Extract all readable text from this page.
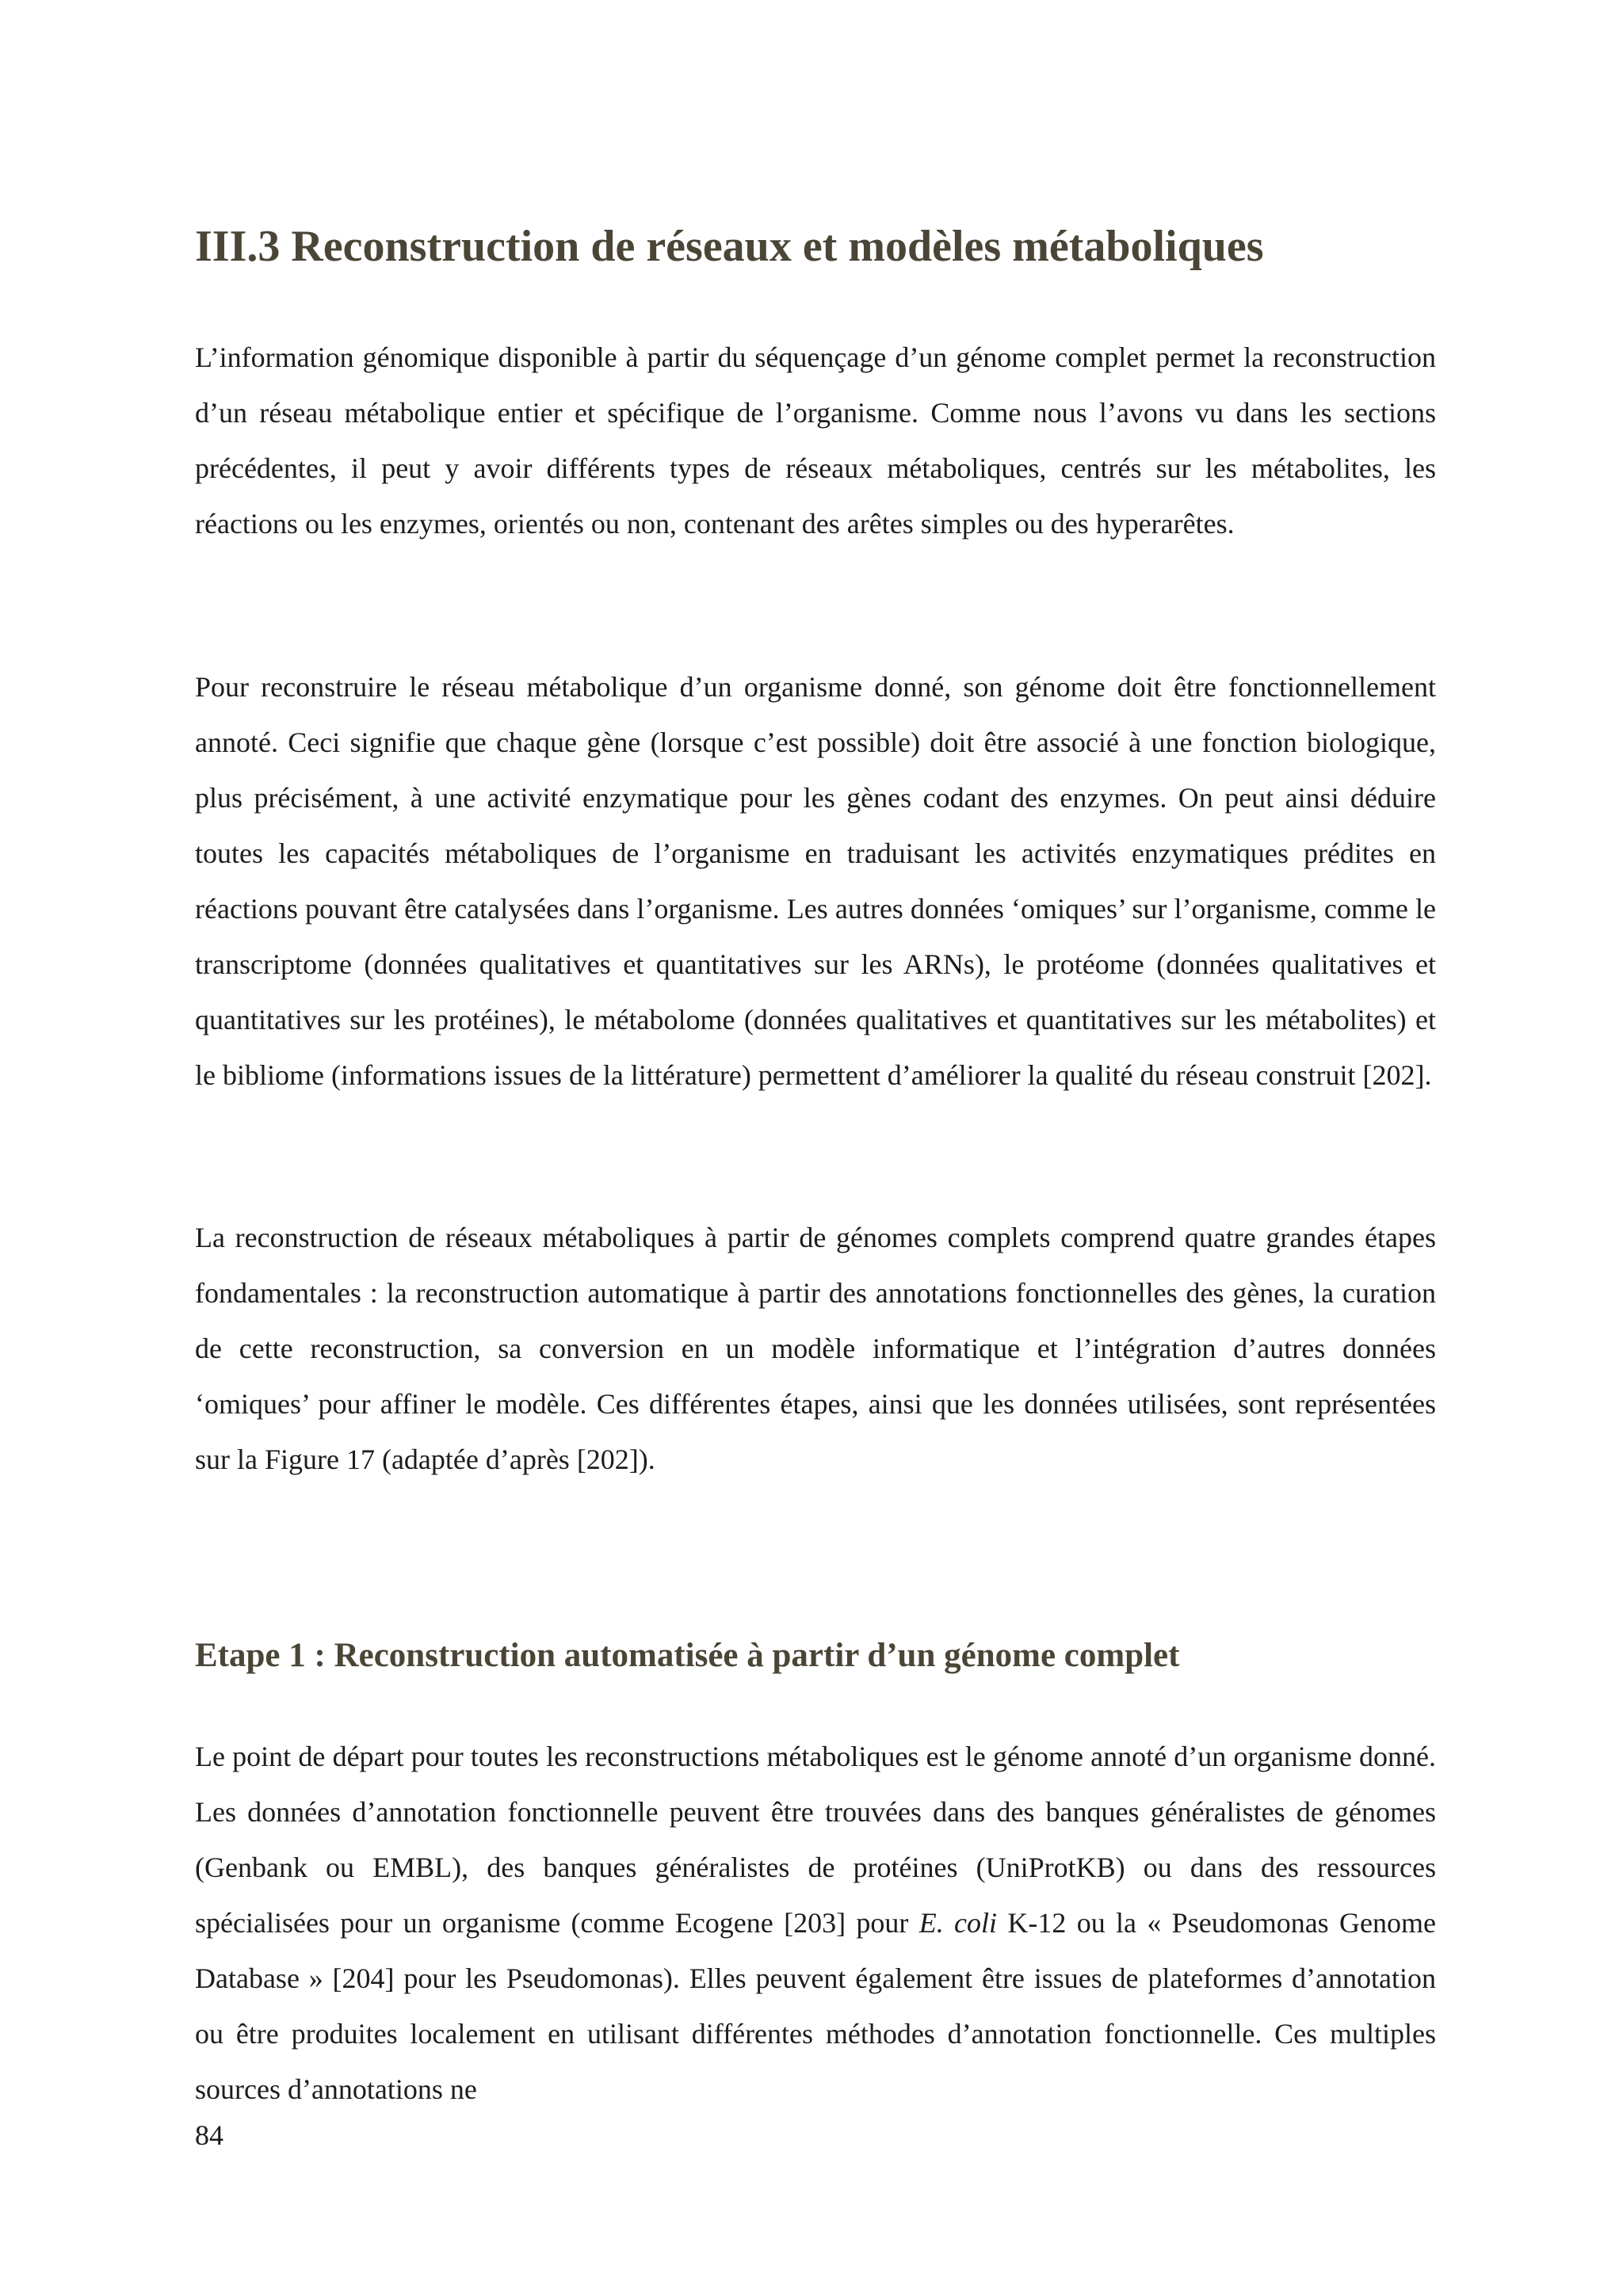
III.3 Reconstruction de réseaux et modèles métaboliques

L’information génomique disponible à partir du séquençage d’un génome complet permet la reconstruction d’un réseau métabolique entier et spécifique de l’organisme. Comme nous l’avons vu dans les sections précédentes, il peut y avoir différents types de réseaux métaboliques, centrés sur les métabolites, les réactions ou les enzymes, orientés ou non, contenant des arêtes simples ou des hyperarêtes.

Pour reconstruire le réseau métabolique d’un organisme donné, son génome doit être fonctionnellement annoté. Ceci signifie que chaque gène (lorsque c’est possible) doit être associé à une fonction biologique, plus précisément, à une activité enzymatique pour les gènes codant des enzymes. On peut ainsi déduire toutes les capacités métaboliques de l’organisme en traduisant les activités enzymatiques prédites en réactions pouvant être catalysées dans l’organisme. Les autres données ‘omiques’ sur l’organisme, comme le transcriptome (données qualitatives et quantitatives sur les ARNs), le protéome (données qualitatives et quantitatives sur les protéines), le métabolome (données qualitatives et quantitatives sur les métabolites) et le bibliome (informations issues de la littérature) permettent d’améliorer la qualité du réseau construit [202].

La reconstruction de réseaux métaboliques à partir de génomes complets comprend quatre grandes étapes fondamentales : la reconstruction automatique à partir des annotations fonctionnelles des gènes, la curation de cette reconstruction, sa conversion en un modèle informatique et l’intégration d’autres données ‘omiques’ pour affiner le modèle. Ces différentes étapes, ainsi que les données utilisées, sont représentées sur la Figure 17 (adaptée d’après [202]).

Etape 1 : Reconstruction automatisée à partir d’un génome complet

Le point de départ pour toutes les reconstructions métaboliques est le génome annoté d’un organisme donné. Les données d’annotation fonctionnelle peuvent être trouvées dans des banques généralistes de génomes (Genbank ou EMBL), des banques généralistes de protéines (UniProtKB) ou dans des ressources spécialisées pour un organisme (comme Ecogene [203] pour E. coli K-12 ou la « Pseudomonas Genome Database » [204] pour les Pseudomonas). Elles peuvent également être issues de plateformes d’annotation ou être produites localement en utilisant différentes méthodes d’annotation fonctionnelle. Ces multiples sources d’annotations ne

84
